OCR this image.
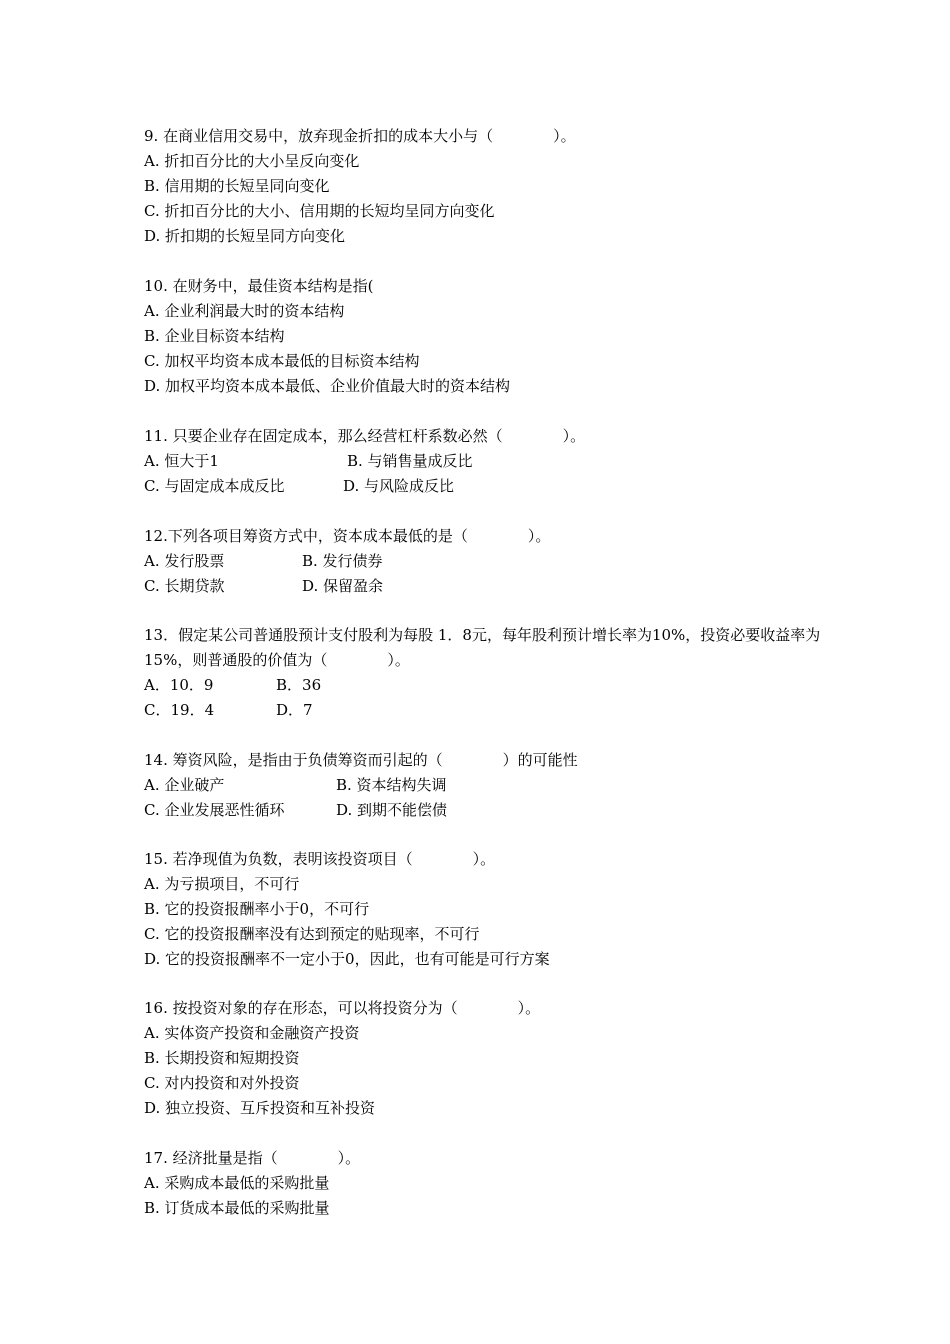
9. 在商业信用交易中，放弃现金折扣的成本大小与（　　　　）。
A. 折扣百分比的大小呈反向变化
B. 信用期的长短呈同向变化
C. 折扣百分比的大小、信用期的长短均呈同方向变化
D. 折扣期的长短呈同方向变化
10. 在财务中，最佳资本结构是指(
A. 企业利润最大时的资本结构
B. 企业目标资本结构
C. 加权平均资本成本最低的目标资本结构
D. 加权平均资本成本最低、企业价值最大时的资本结构
11. 只要企业存在固定成本，那么经营杠杆系数必然（　　　　）。
A. 恒大于1	B. 与销售量成反比
C. 与固定成本成反比	D. 与风险成反比
12.下列各项目筹资方式中，资本成本最低的是（　　　　）。
A. 发行股票	B. 发行债券
C. 长期贷款	D. 保留盈余
13．假定某公司普通股预计支付股利为每股 1．8元，每年股利预计增长率为10%，投资必要收益率为15%，则普通股的价值为（　　　　）。
A．10．9	B．36
C．19．4	D．7
14. 筹资风险，是指由于负债筹资而引起的（　　　　）的可能性
A. 企业破产	B. 资本结构失调
C. 企业发展恶性循环	D. 到期不能偿债
15. 若净现值为负数，表明该投资项目（　　　　）。
A. 为亏损项目，不可行
B. 它的投资报酬率小于0，不可行
C. 它的投资报酬率没有达到预定的贴现率，不可行
D. 它的投资报酬率不一定小于0，因此，也有可能是可行方案
16. 按投资对象的存在形态，可以将投资分为（　　　　）。
A. 实体资产投资和金融资产投资
B. 长期投资和短期投资
C. 对内投资和对外投资
D. 独立投资、互斥投资和互补投资
17. 经济批量是指（　　　　）。
A. 采购成本最低的采购批量
B. 订货成本最低的采购批量
